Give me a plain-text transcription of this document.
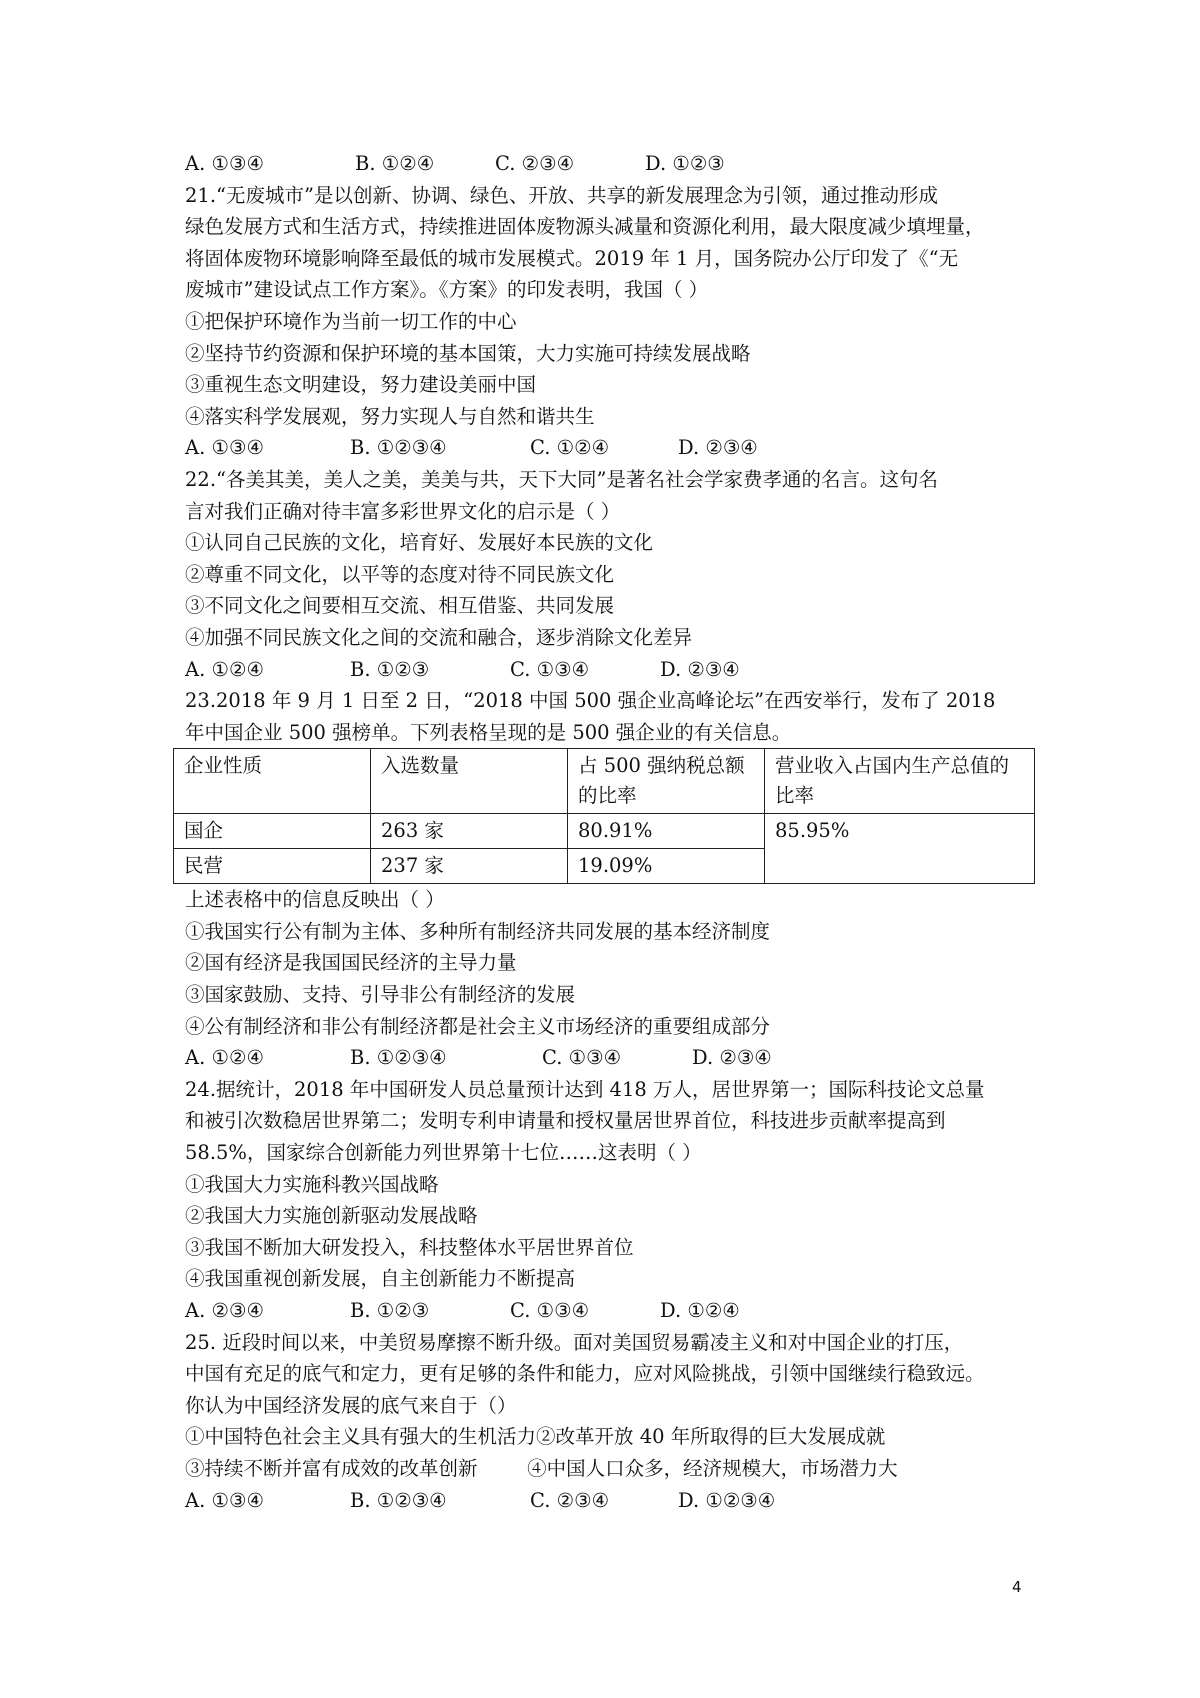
A. ①③④	B. ①②④	C. ②③④	D. ①②③
21.“无废城市”是以创新、协调、绿色、开放、共享的新发展理念为引领，通过推动形成
绿色发展方式和生活方式，持续推进固体废物源头减量和资源化利用，最大限度减少填埋量，
将固体废物环境影响降至最低的城市发展模式。2019 年 1 月，国务院办公厅印发了《“无
废城市”建设试点工作方案》。《方案》的印发表明，我国（ ）
①把保护环境作为当前一切工作的中心
②坚持节约资源和保护环境的基本国策，大力实施可持续发展战略
③重视生态文明建设，努力建设美丽中国
④落实科学发展观，努力实现人与自然和谐共生
A. ①③④	B. ①②③④	C. ①②④	D. ②③④
22.“各美其美，美人之美，美美与共，天下大同”是著名社会学家费孝通的名言。这句名
言对我们正确对待丰富多彩世界文化的启示是（ ）
①认同自己民族的文化，培育好、发展好本民族的文化
②尊重不同文化，以平等的态度对待不同民族文化
③不同文化之间要相互交流、相互借鉴、共同发展
④加强不同民族文化之间的交流和融合，逐步消除文化差异
A. ①②④	B. ①②③	C. ①③④	D. ②③④
23.2018 年 9 月 1 日至 2 日，“2018 中国 500 强企业高峰论坛”在西安举行，发布了 2018
年中国企业 500 强榜单。下列表格呈现的是 500 强企业的有关信息。
企业性质	入选数量	占 500 强纳税总额的比率	营业收入占国内生产总值的比率
国企	263 家	80.91%	85.95%
民营	237 家	19.09%	
上述表格中的信息反映出（ ）
①我国实行公有制为主体、多种所有制经济共同发展的基本经济制度
②国有经济是我国国民经济的主导力量
③国家鼓励、支持、引导非公有制经济的发展
④公有制经济和非公有制经济都是社会主义市场经济的重要组成部分
A. ①②④	B. ①②③④	C. ①③④	D. ②③④
24.据统计，2018 年中国研发人员总量预计达到 418 万人，居世界第一；国际科技论文总量
和被引次数稳居世界第二；发明专利申请量和授权量居世界首位，科技进步贡献率提高到
58.5%，国家综合创新能力列世界第十七位……这表明（ ）
①我国大力实施科教兴国战略
②我国大力实施创新驱动发展战略
③我国不断加大研发投入，科技整体水平居世界首位
④我国重视创新发展，自主创新能力不断提高
A. ②③④	B. ①②③	C. ①③④	D. ①②④
25. 近段时间以来，中美贸易摩擦不断升级。面对美国贸易霸凌主义和对中国企业的打压，
中国有充足的底气和定力，更有足够的条件和能力，应对风险挑战，引领中国继续行稳致远。
你认为中国经济发展的底气来自于（）
①中国特色社会主义具有强大的生机活力②改革开放 40 年所取得的巨大发展成就
③持续不断并富有成效的改革创新        ④中国人口众多，经济规模大，市场潜力大
A. ①③④	B. ①②③④	C. ②③④	D. ①②③④
4
